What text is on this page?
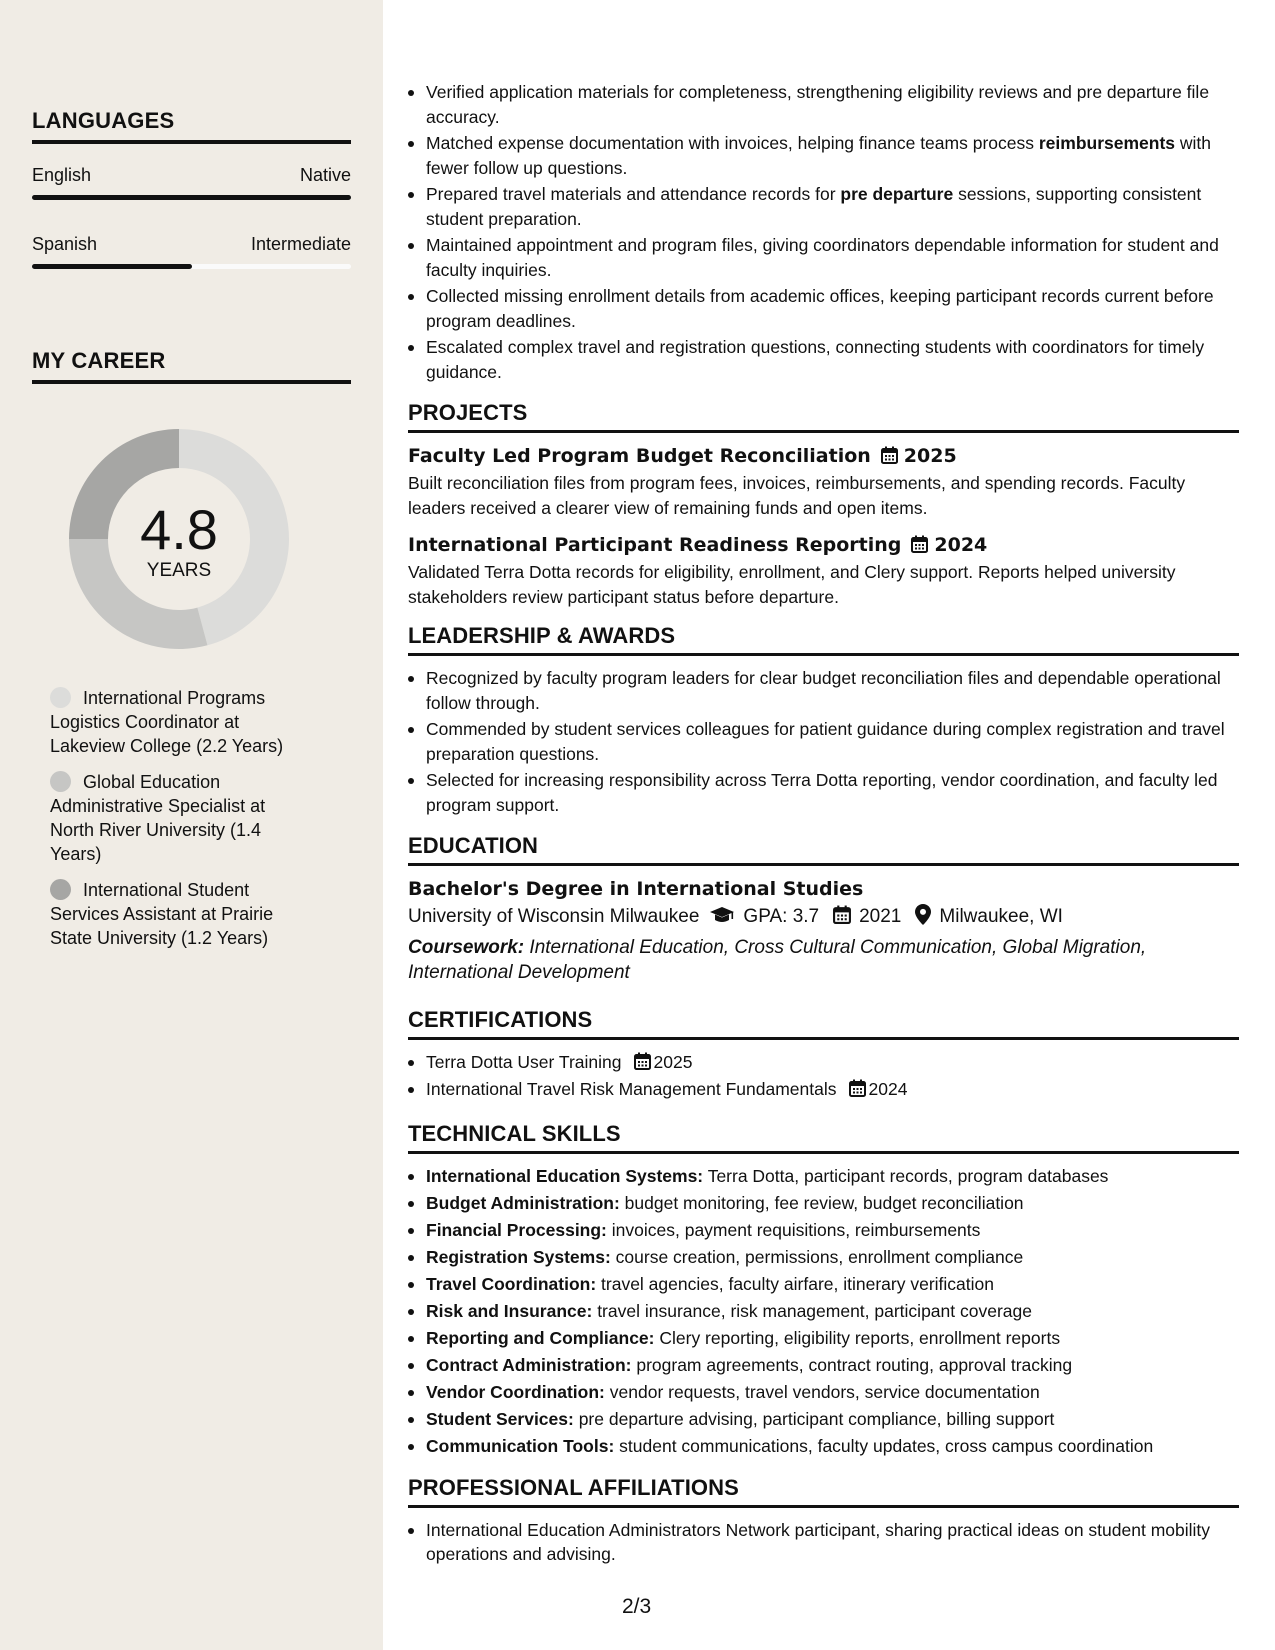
LANGUAGES
English	Native
Spanish	Intermediate
MY CAREER
4.8
YEARS
International Programs Logistics Coordinator at Lakeview College (2.2 Years)
Global Education Administrative Specialist at North River University (1.4 Years)
International Student Services Assistant at Prairie State University (1.2 Years)
Verified application materials for completeness, strengthening eligibility reviews and pre departure file accuracy.
Matched expense documentation with invoices, helping finance teams process reimbursements with fewer follow up questions.
Prepared travel materials and attendance records for pre departure sessions, supporting consistent student preparation.
Maintained appointment and program files, giving coordinators dependable information for student and faculty inquiries.
Collected missing enrollment details from academic offices, keeping participant records current before program deadlines.
Escalated complex travel and registration questions, connecting students with coordinators for timely guidance.
PROJECTS
Faculty Led Program Budget Reconciliation 2025
Built reconciliation files from program fees, invoices, reimbursements, and spending records. Faculty leaders received a clearer view of remaining funds and open items.
International Participant Readiness Reporting 2024
Validated Terra Dotta records for eligibility, enrollment, and Clery support. Reports helped university stakeholders review participant status before departure.
LEADERSHIP & AWARDS
Recognized by faculty program leaders for clear budget reconciliation files and dependable operational follow through.
Commended by student services colleagues for patient guidance during complex registration and travel preparation questions.
Selected for increasing responsibility across Terra Dotta reporting, vendor coordination, and faculty led program support.
EDUCATION
Bachelor's Degree in International Studies
University of Wisconsin Milwaukee GPA: 3.7 2021 Milwaukee, WI
Coursework: International Education, Cross Cultural Communication, Global Migration, International Development
CERTIFICATIONS
Terra Dotta User Training 2025
International Travel Risk Management Fundamentals 2024
TECHNICAL SKILLS
International Education Systems: Terra Dotta, participant records, program databases
Budget Administration: budget monitoring, fee review, budget reconciliation
Financial Processing: invoices, payment requisitions, reimbursements
Registration Systems: course creation, permissions, enrollment compliance
Travel Coordination: travel agencies, faculty airfare, itinerary verification
Risk and Insurance: travel insurance, risk management, participant coverage
Reporting and Compliance: Clery reporting, eligibility reports, enrollment reports
Contract Administration: program agreements, contract routing, approval tracking
Vendor Coordination: vendor requests, travel vendors, service documentation
Student Services: pre departure advising, participant compliance, billing support
Communication Tools: student communications, faculty updates, cross campus coordination
PROFESSIONAL AFFILIATIONS
International Education Administrators Network participant, sharing practical ideas on student mobility operations and advising.
2/3
